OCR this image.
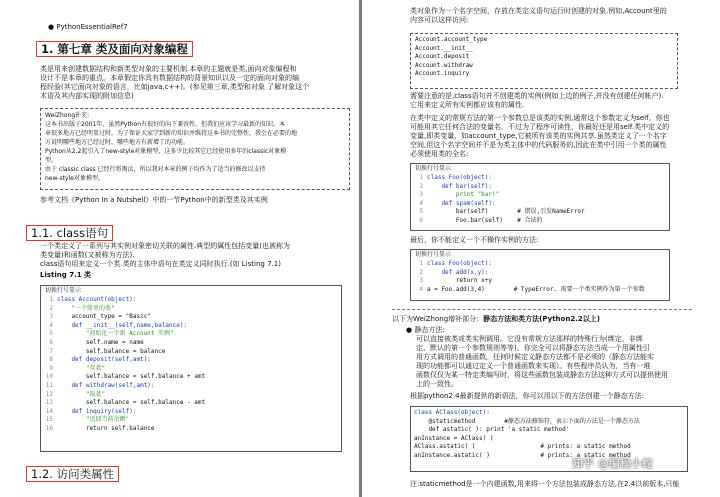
● PythonEssentialRef7
1. 第七章 类及面向对象编程
类是用来创建数据结构和新类型对象的主要机制.本章的主题就是类,面向对象编程和
设计不是本章的重点。本章假定你具有数据结构的背景知识以及一定的面向对象的编
程经验(其它面向对象的语言，比如java,c++)。(参见第三章,类型和对象 了解对象这个
术语及其内部实现的附加信息)
WeiZhong补充:
这本书出版于2001年，虽然Python有很好的向下兼容性，但我们应该学习最新的知识。本
章很多地方已经明显过时。为了保证大家学到新的知识并维持这本书的完整性，我会在必要的地
方说明哪些地方已经过时，哪些地方有新增了的功能。
Python从2.2起引入了new-style对象模型，这多少比较其它已经使用多年的classic对象模
型。
由于 classic class 已经行将淘汰，所以我对本章的例子均作为了适当的修改以支持
new-style对象模型。
参考文档《Python In a Nutshell》中的一节Python中的新型类及其实例
1.1. class语句
一个类定义了一系列与其实例对象密切关联的属性.典型的属性包括变量(也被称为
类变量)和函数(又被称为方法).
class语句用来定义一个类.类的主体中语句在类定义同时执行.(如 Listing 7.1)
Listing 7.1 类
切换行号显示
1 class Account(object):
2    "一个简单的类"
3    account_type = "Basic"
4    def __init__(self,name,balance):
5        "初始化一个新 Account 实例"
6        self.name = name
7        self.balance = balance
8    def deposit(self,amt):
9        "存款"
10        self.balance = self.balance + amt
11    def withdraw(self,amt):
12        "取款"
13        self.balance = self.balance - amt
14    def inquiry(self):
15        "返回当前余额"
16        return self.balance
1.2. 访问类属性
类对象作为一个名字空间，存放在类定义语句运行时创建的对象.例如,Account里的
内容可以这样访问:
Account.account_type
Account.__init__
Account.deposit
Account.withdraw
Account.inquiry
需要注意的是,class语句并不创建类的实例(例如上边的例子,并没有创建任何帐户).
它用来定义所有实例都应该有的属性.
在类中定义的常规方法的第一个参数总是该类的实例,通常这个参数定义为self。你也
可能用其它任何合法的变量名，不过为了程序可读性，你最好还是用self.类中定义的
变量,即类变量，如account_type,它被所有该类的实例共享.虽然类定义了一个名字
空间,但这个名字空间并不是为类主体中的代码服务的,因此在类中引用一个类的属性
必须使用类的全名:
切换行号显示
1 class Foo(object):
2    def bar(self):
3        print "bar!"
4    def spam(self):
5        bar(self)        # 错误,引发NameError
6        Foo.bar(self)    # 合法的
最后，你不能定义一个不操作实例的方法:
切换行号显示
1 class Foo(object):
2    def add(x,y):
3        return x+y
4 a = Foo.add(3,4)        # TypeError. 需要一个类实例作为第一个参数
以下为WeiZhong增补部分：静态方法和类方法(Python2.2以上)
● 静态方法:
可以直接被类或类实例调用。它没有常规方法那样的特殊行为(绑定、非绑
定、默认的第一个参数规则等等)。你完全可以将静态方法当成一个用属性引
用方式调用的普通函数。任何时候定义静态方法都不是必须的（静态方法能实
现的功能都可以通过定义一个普通函数来实现）。有些程序员认为，当有一堆
函数仅仅为某一特定类编写时，将这些函数包装成静态方法这种方式可以提供使用
上的一致性。
根据python2.4最新提供的新语法，你可以用以下的方法创建一个静态方法:
class AClass(object):
@staticmethod        #静态方法修饰符，表示下面的方法是一个静态方法
def astatic( ): print 'a static method'
anInstance = AClass( )
AClass.astatic( )                  # prints: a static method
anInstance.astatic( )              # prints: a static method
注:staticmethod是一个内建函数,用来将一个方法包装成静态方法,在2.4以前版本,只能
知乎 @编程小蛇
